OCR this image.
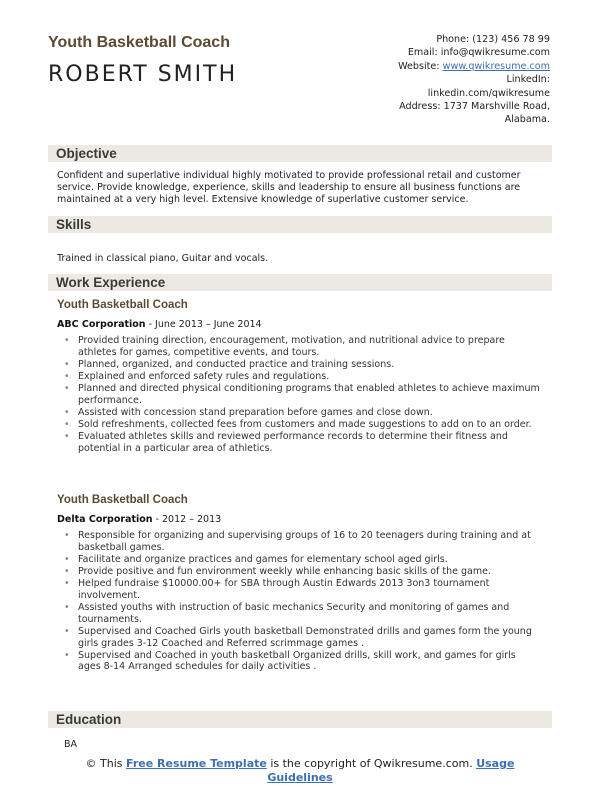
Youth Basketball Coach
ROBERT SMITH
Phone: (123) 456 78 99
Email: info@qwikresume.com
Website: www.qwikresume.com
LinkedIn:
linkedin.com/qwikresume
Address: 1737 Marshville Road,
Alabama.
Objective
Confident and superlative individual highly motivated to provide professional retail and customer service. Provide knowledge, experience, skills and leadership to ensure all business functions are maintained at a very high level. Extensive knowledge of superlative customer service.
Skills
Trained in classical piano, Guitar and vocals.
Work Experience
Youth Basketball Coach
ABC Corporation - June 2013 – June 2014
• Provided training direction, encouragement, motivation, and nutritional advice to prepare athletes for games, competitive events, and tours.
• Planned, organized, and conducted practice and training sessions.
• Explained and enforced safety rules and regulations.
• Planned and directed physical conditioning programs that enabled athletes to achieve maximum performance.
• Assisted with concession stand preparation before games and close down.
• Sold refreshments, collected fees from customers and made suggestions to add on to an order.
• Evaluated athletes skills and reviewed performance records to determine their fitness and potential in a particular area of athletics.
Youth Basketball Coach
Delta Corporation - 2012 – 2013
• Responsible for organizing and supervising groups of 16 to 20 teenagers during training and at basketball games.
• Facilitate and organize practices and games for elementary school aged girls.
• Provide positive and fun environment weekly while enhancing basic skills of the game.
• Helped fundraise $10000.00+ for SBA through Austin Edwards 2013 3on3 tournament involvement.
• Assisted youths with instruction of basic mechanics Security and monitoring of games and tournaments.
• Supervised and Coached Girls youth basketball Demonstrated drills and games form the young girls grades 3-12 Coached and Referred scrimmage games .
• Supervised and Coached in youth basketball Organized drills, skill work, and games for girls ages 8-14 Arranged schedules for daily activities .
Education
BA
© This Free Resume Template is the copyright of Qwikresume.com. Usage
Guidelines
